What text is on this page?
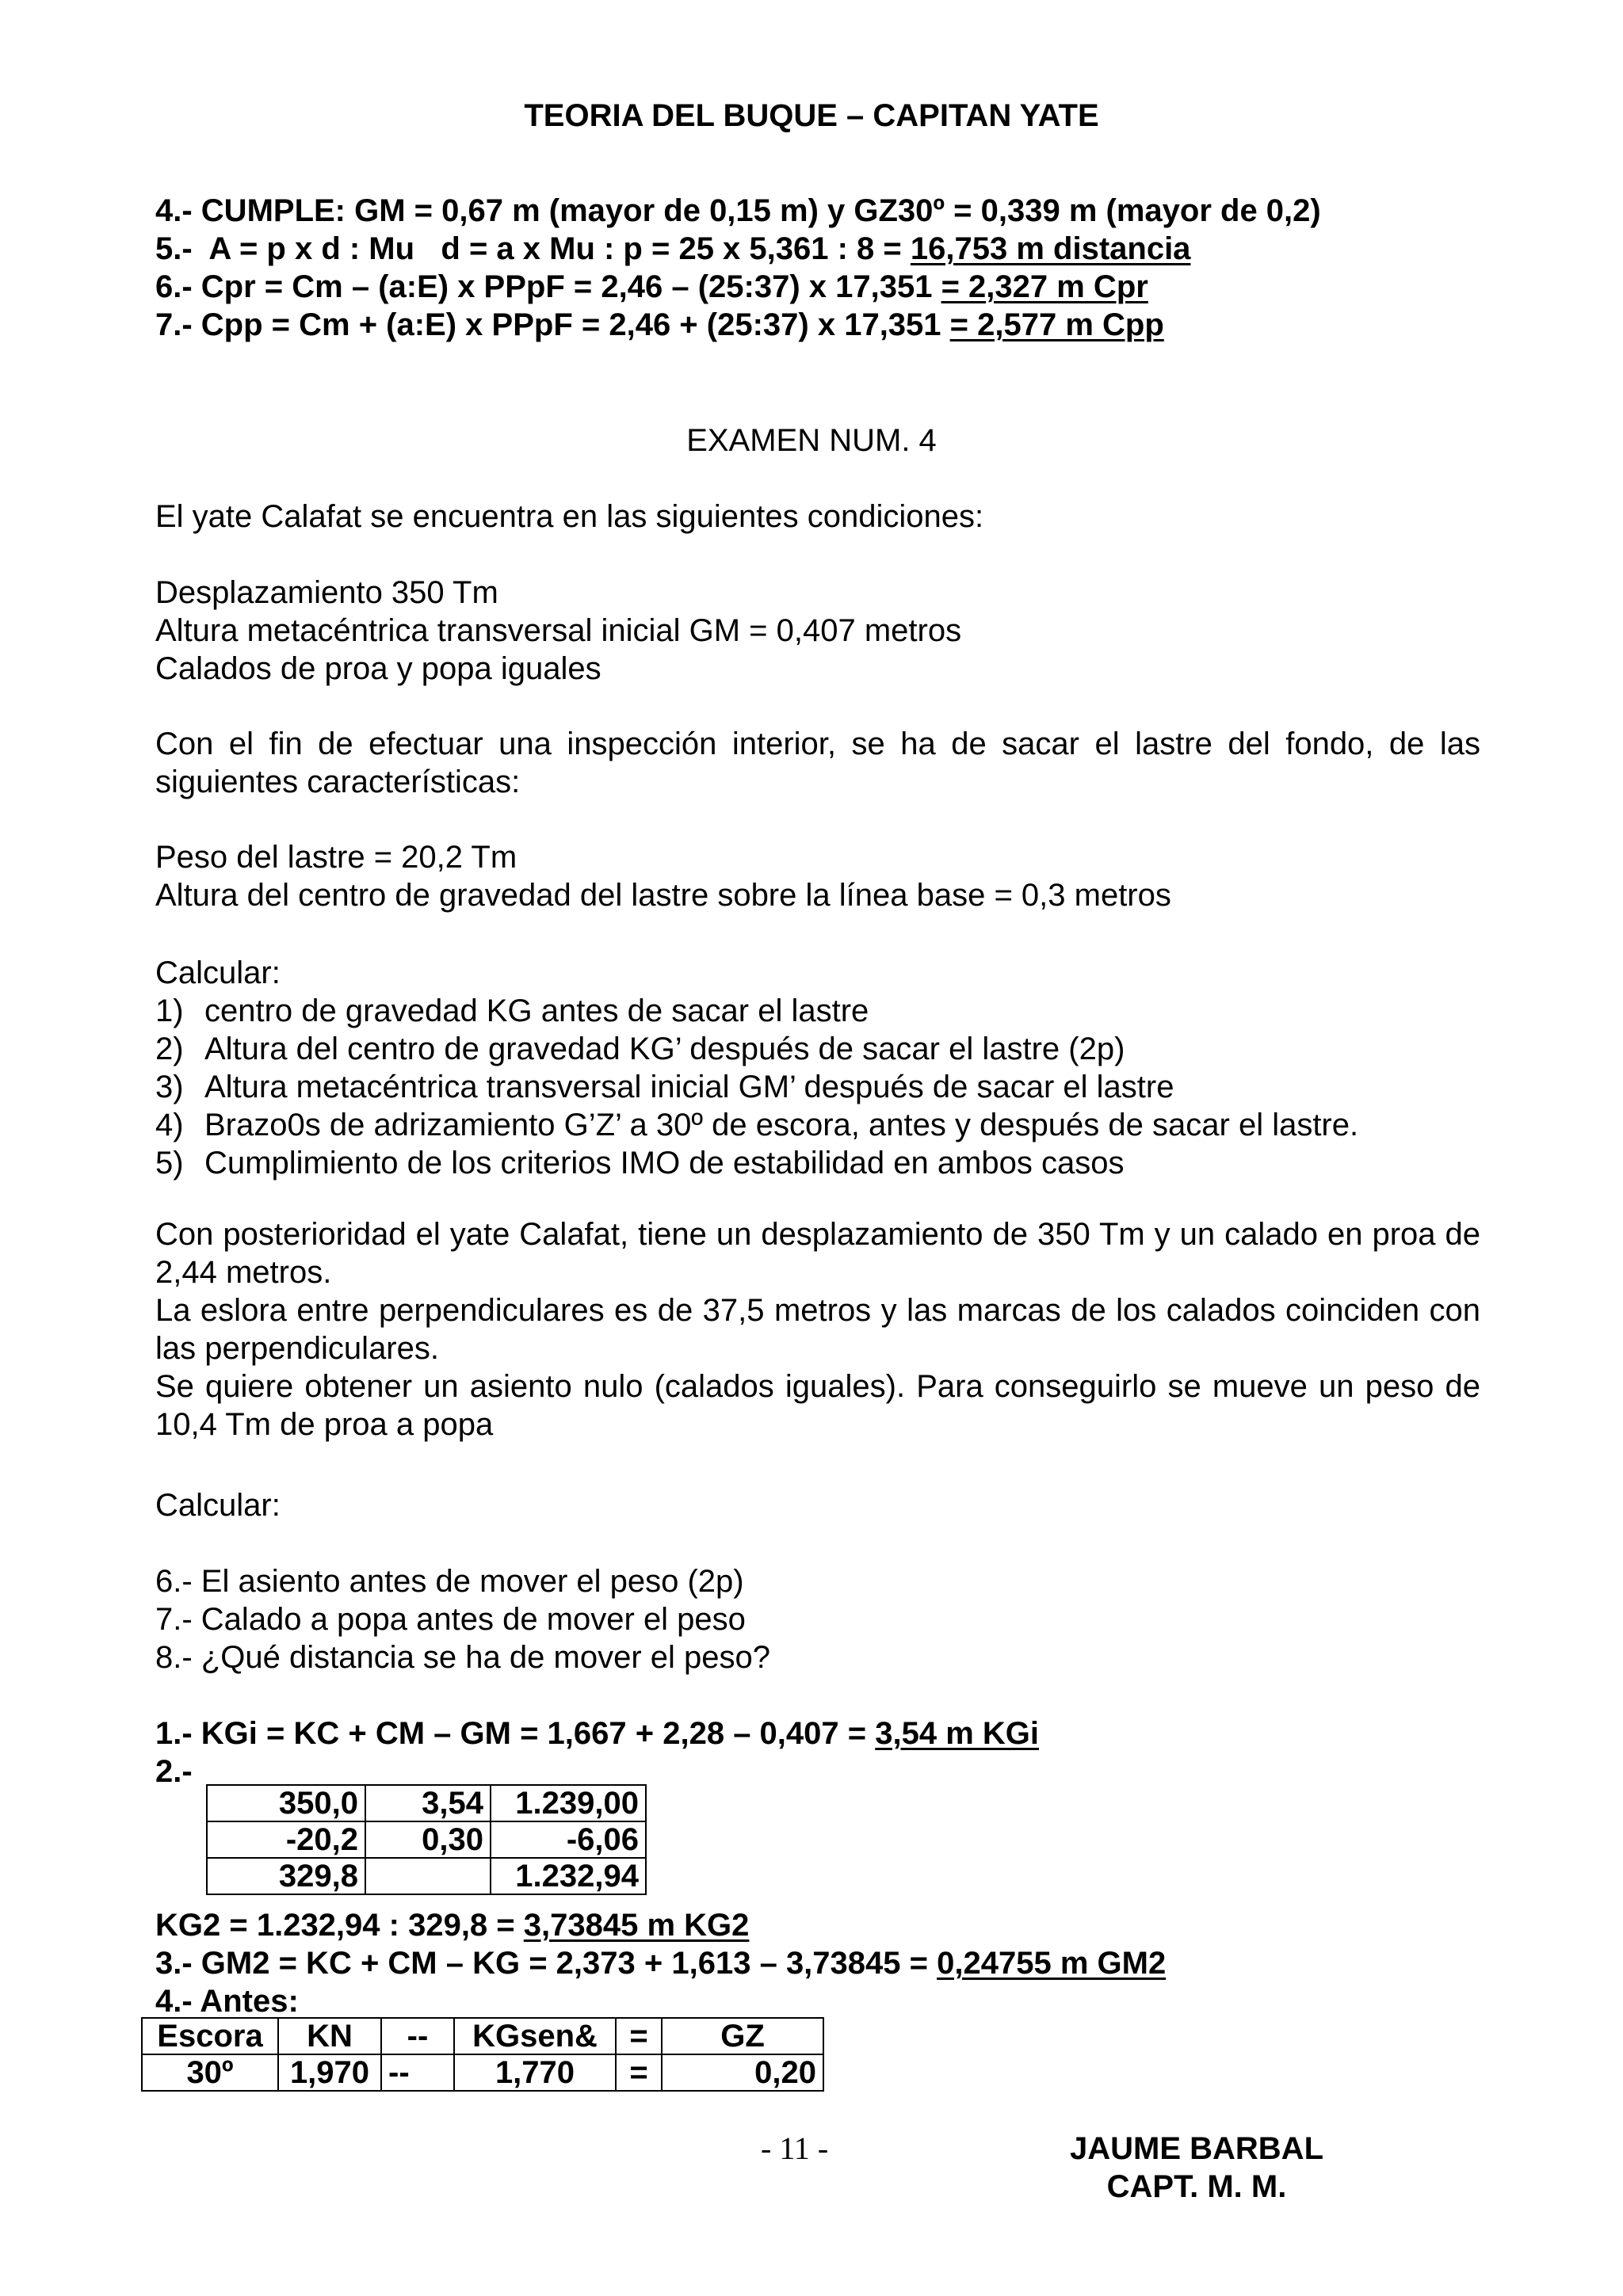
TEORIA DEL BUQUE – CAPITAN YATE
4.- CUMPLE: GM = 0,67 m (mayor de 0,15 m) y GZ30º = 0,339 m (mayor de 0,2)
5.-  A = p x d : Mu   d = a x Mu : p = 25 x 5,361 : 8 = 16,753 m distancia
6.- Cpr = Cm – (a:E) x PPpF = 2,46 – (25:37) x 17,351 = 2,327 m Cpr
7.- Cpp = Cm + (a:E) x PPpF = 2,46 + (25:37) x 17,351 = 2,577 m Cpp
EXAMEN NUM. 4
El yate Calafat se encuentra en las siguientes condiciones:
Desplazamiento 350 Tm
Altura metacéntrica transversal inicial GM = 0,407 metros
Calados de proa y popa iguales
Con el fin de efectuar una inspección interior, se ha de sacar el lastre del fondo, de las siguientes características:
Peso del lastre = 20,2 Tm
Altura del centro de gravedad del lastre sobre la línea base = 0,3 metros
Calcular:
1) centro de gravedad KG antes de sacar el lastre
2) Altura del centro de gravedad KG’ después de sacar el lastre (2p)
3) Altura metacéntrica transversal inicial GM’ después de sacar el lastre
4) Brazo0s de adrizamiento G’Z’ a 30º de escora, antes y después de sacar el lastre.
5) Cumplimiento de los criterios IMO de estabilidad en ambos casos
Con posterioridad el yate Calafat, tiene un desplazamiento de 350 Tm y un calado en proa de 2,44 metros.
La eslora entre perpendiculares es de 37,5 metros y las marcas de los calados coinciden con las perpendiculares.
Se quiere obtener un asiento nulo (calados iguales). Para conseguirlo se mueve un peso de 10,4 Tm de proa a popa
Calcular:
6.- El asiento antes de mover el peso (2p)
7.- Calado a popa antes de mover el peso
8.- ¿Qué distancia se ha de mover el peso?
1.- KGi = KC + CM – GM = 1,667 + 2,28 – 0,407 = 3,54 m KGi
2.-
350,0	3,54	1.239,00
-20,2	0,30	-6,06
329,8		1.232,94
KG2 = 1.232,94 : 329,8 = 3,73845 m KG2
3.- GM2 = KC + CM – KG = 2,373 + 1,613 – 3,73845 = 0,24755 m GM2
4.- Antes:
Escora	KN	--	KGsen&	=	GZ
30º	1,970	--	1,770	=	0,20
- 11 -	JAUME BARBAL
CAPT. M. M.
